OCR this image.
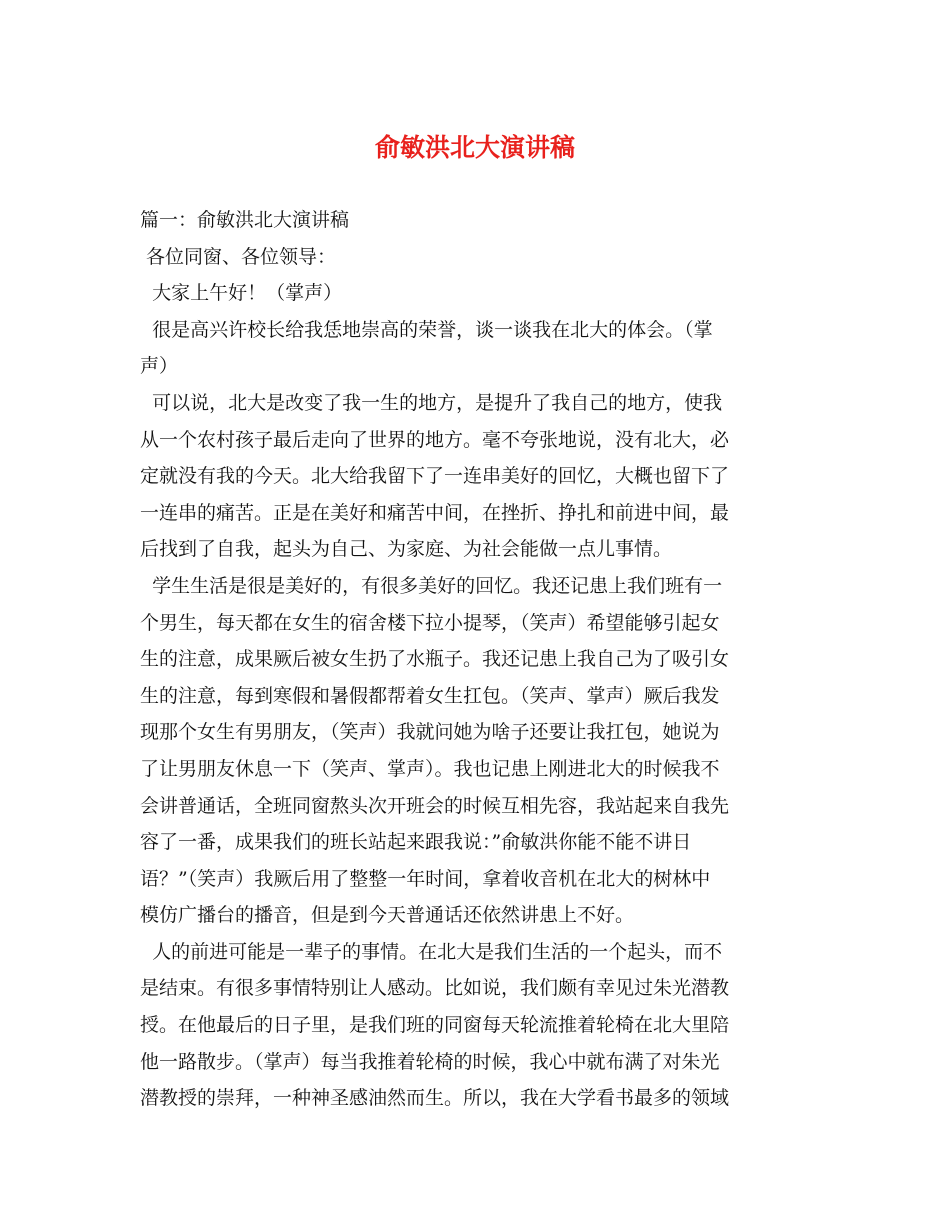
俞敏洪北大演讲稿
篇一：俞敏洪北大演讲稿
各位同窗、各位领导：
大家上午好！（掌声）
很是高兴许校长给我恁地崇高的荣誉，谈一谈我在北大的体会。（掌
声）
可以说，北大是改变了我一生的地方，是提升了我自己的地方，使我
从一个农村孩子最后走向了世界的地方。毫不夸张地说，没有北大，必
定就没有我的今天。北大给我留下了一连串美好的回忆，大概也留下了
一连串的痛苦。正是在美好和痛苦中间，在挫折、挣扎和前进中间，最
后找到了自我，起头为自己、为家庭、为社会能做一点儿事情。
学生生活是很是美好的，有很多美好的回忆。我还记患上我们班有一
个男生，每天都在女生的宿舍楼下拉小提琴，（笑声）希望能够引起女
生的注意，成果厥后被女生扔了水瓶子。我还记患上我自己为了吸引女
生的注意，每到寒假和暑假都帮着女生扛包。（笑声、掌声）厥后我发
现那个女生有男朋友，（笑声）我就问她为啥子还要让我扛包，她说为
了让男朋友休息一下（笑声、掌声）。我也记患上刚进北大的时候我不
会讲普通话，全班同窗熬头次开班会的时候互相先容，我站起来自我先
容了一番，成果我们的班长站起来跟我说：”俞敏洪你能不能不讲日
语？”（笑声）我厥后用了整整一年时间，拿着收音机在北大的树林中
模仿广播台的播音，但是到今天普通话还依然讲患上不好。
人的前进可能是一辈子的事情。在北大是我们生活的一个起头，而不
是结束。有很多事情特别让人感动。比如说，我们颇有幸见过朱光潜教
授。在他最后的日子里，是我们班的同窗每天轮流推着轮椅在北大里陪
他一路散步。（掌声）每当我推着轮椅的时候，我心中就布满了对朱光
潜教授的崇拜，一种神圣感油然而生。所以，我在大学看书最多的领域
